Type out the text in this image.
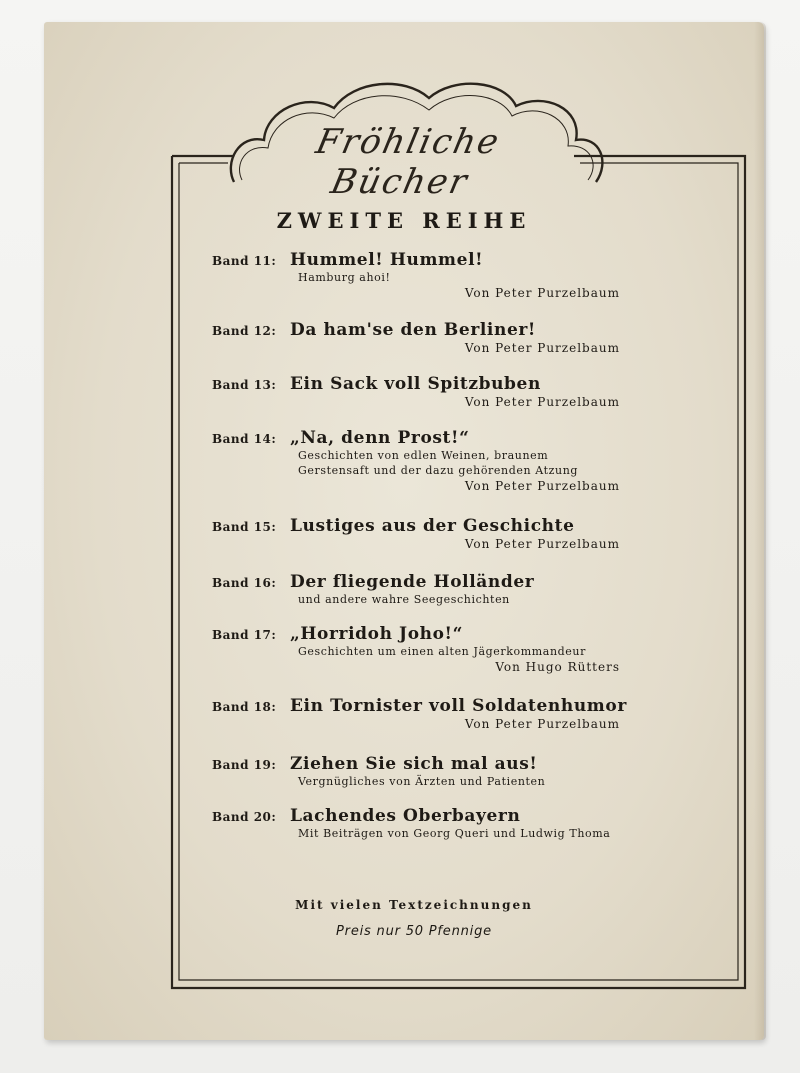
Fröhliche Bücher
ZWEITE REIHE
Band 11: Hummel! Hummel!
Hamburg ahoi!
Von Peter Purzelbaum
Band 12: Da ham'se den Berliner!
Von Peter Purzelbaum
Band 13: Ein Sack voll Spitzbuben
Von Peter Purzelbaum
Band 14: „Na, denn Prost!“
Geschichten von edlen Weinen, braunem Gerstensaft und der dazu gehörenden Atzung
Von Peter Purzelbaum
Band 15: Lustiges aus der Geschichte
Von Peter Purzelbaum
Band 16: Der fliegende Holländer
und andere wahre Seegeschichten
Band 17: „Horridoh Joho!“
Geschichten um einen alten Jägerkommandeur
Von Hugo Rütters
Band 18: Ein Tornister voll Soldatenhumor
Von Peter Purzelbaum
Band 19: Ziehen Sie sich mal aus!
Vergnügliches von Ärzten und Patienten
Band 20: Lachendes Oberbayern
Mit Beiträgen von Georg Queri und Ludwig Thoma
Mit vielen Textzeichnungen
Preis nur 50 Pfennige
